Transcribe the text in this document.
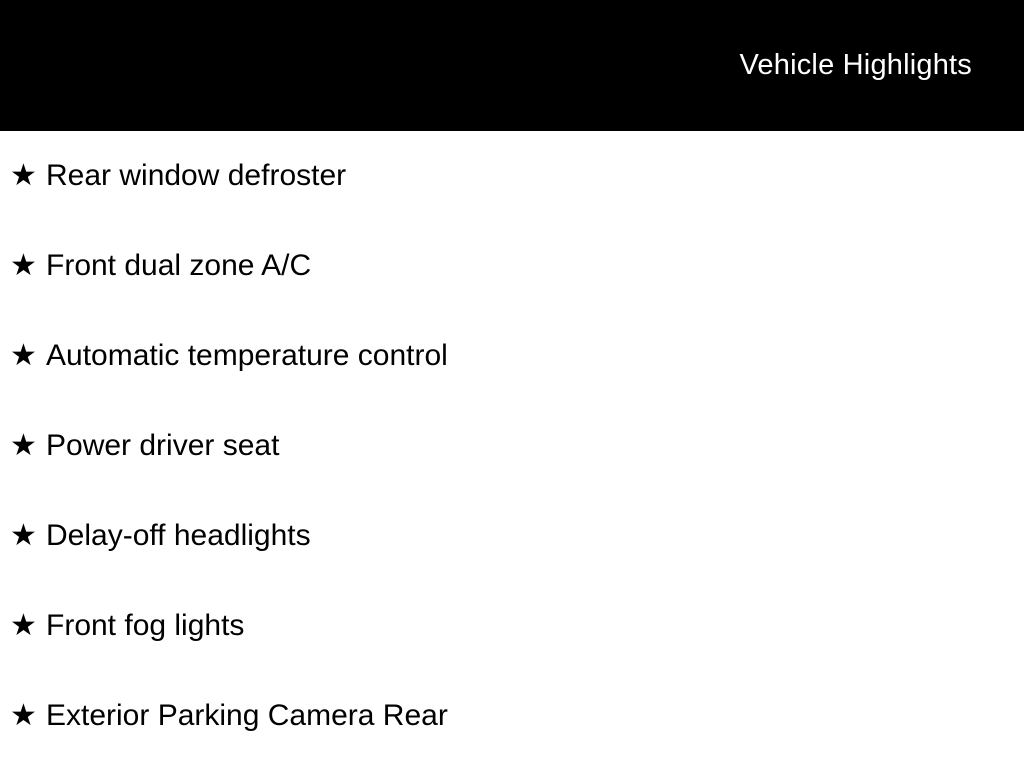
Vehicle Highlights
★ Rear window defroster
★ Front dual zone A/C
★ Automatic temperature control
★ Power driver seat
★ Delay-off headlights
★ Front fog lights
★ Exterior Parking Camera Rear
